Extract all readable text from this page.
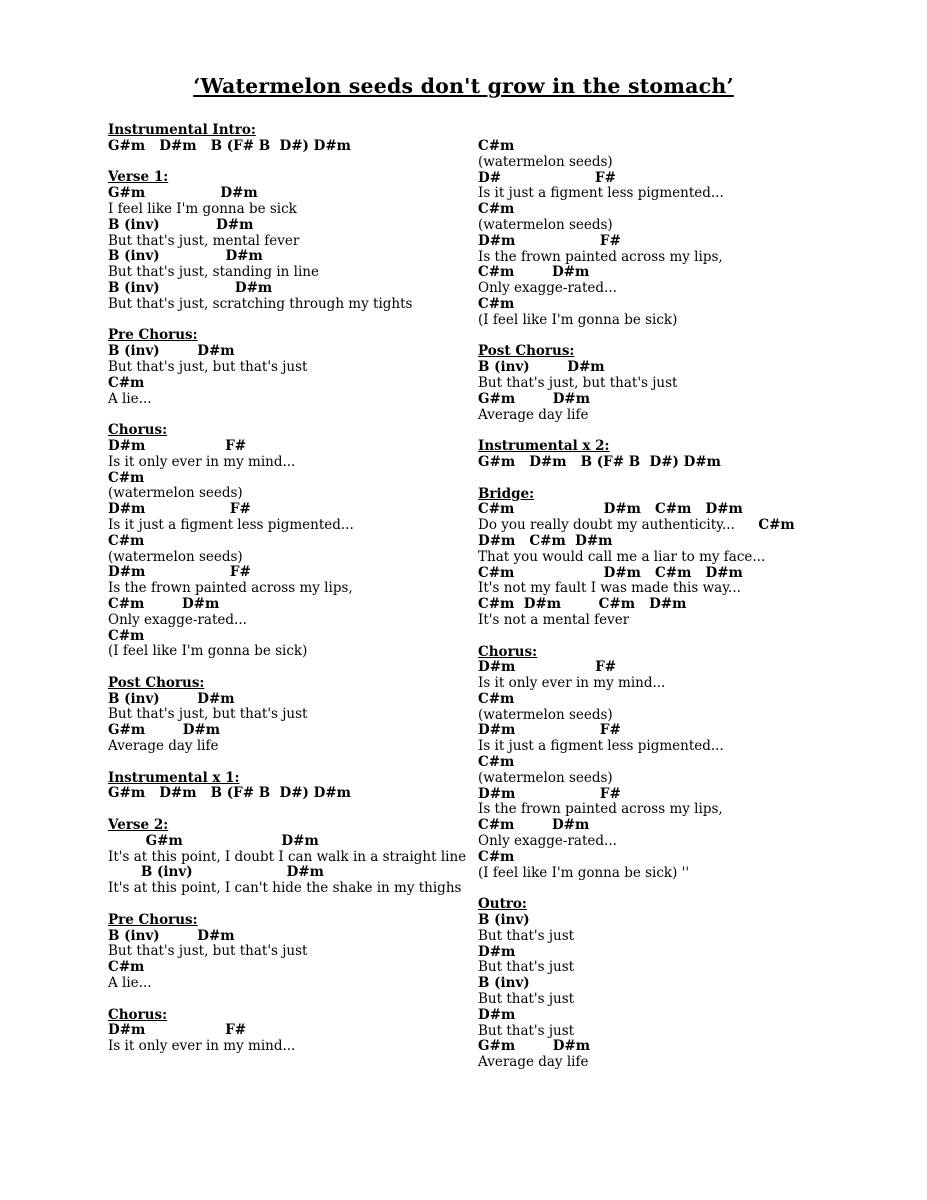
‘Watermelon seeds don't grow in the stomach’
Instrumental Intro:
G#m   D#m   B (F# B  D#) D#m
Verse 1:
G#m                D#m
I feel like I'm gonna be sick
B (inv)            D#m
But that's just, mental fever
B (inv)              D#m
But that's just, standing in line
B (inv)                D#m
But that's just, scratching through my tights
Pre Chorus:
B (inv)        D#m
But that's just, but that's just
C#m
A lie...
Chorus:
D#m                 F#
Is it only ever in my mind...
C#m
(watermelon seeds)
D#m                  F#
Is it just a figment less pigmented...
C#m
(watermelon seeds)
D#m                  F#
Is the frown painted across my lips,
C#m        D#m
Only exagge-rated...
C#m
(I feel like I'm gonna be sick)
Post Chorus:
B (inv)        D#m
But that's just, but that's just
G#m        D#m
Average day life
Instrumental x 1:
G#m   D#m   B (F# B  D#) D#m
Verse 2:
G#m                     D#m
It's at this point, I doubt I can walk in a straight line
B (inv)                    D#m
It's at this point, I can't hide the shake in my thighs
Pre Chorus:
B (inv)        D#m
But that's just, but that's just
C#m
A lie...
Chorus:
D#m                 F#
Is it only ever in my mind...
C#m
(watermelon seeds)
D#                    F#
Is it just a figment less pigmented...
C#m
(watermelon seeds)
D#m                  F#
Is the frown painted across my lips,
C#m        D#m
Only exagge-rated...
C#m
(I feel like I'm gonna be sick)
Post Chorus:
B (inv)        D#m
But that's just, but that's just
G#m        D#m
Average day life
Instrumental x 2:
G#m   D#m   B (F# B  D#) D#m
Bridge:
C#m                   D#m   C#m   D#m
Do you really doubt my authenticity...     C#m
D#m   C#m  D#m
That you would call me a liar to my face...
C#m                   D#m   C#m   D#m
It's not my fault I was made this way...
C#m  D#m        C#m   D#m
It's not a mental fever
Chorus:
D#m                 F#
Is it only ever in my mind...
C#m
(watermelon seeds)
D#m                  F#
Is it just a figment less pigmented...
C#m
(watermelon seeds)
D#m                  F#
Is the frown painted across my lips,
C#m        D#m
Only exagge-rated...
C#m
(I feel like I'm gonna be sick) ''
Outro:
B (inv)
But that's just
D#m
But that's just
B (inv)
But that's just
D#m
But that's just
G#m        D#m
Average day life
